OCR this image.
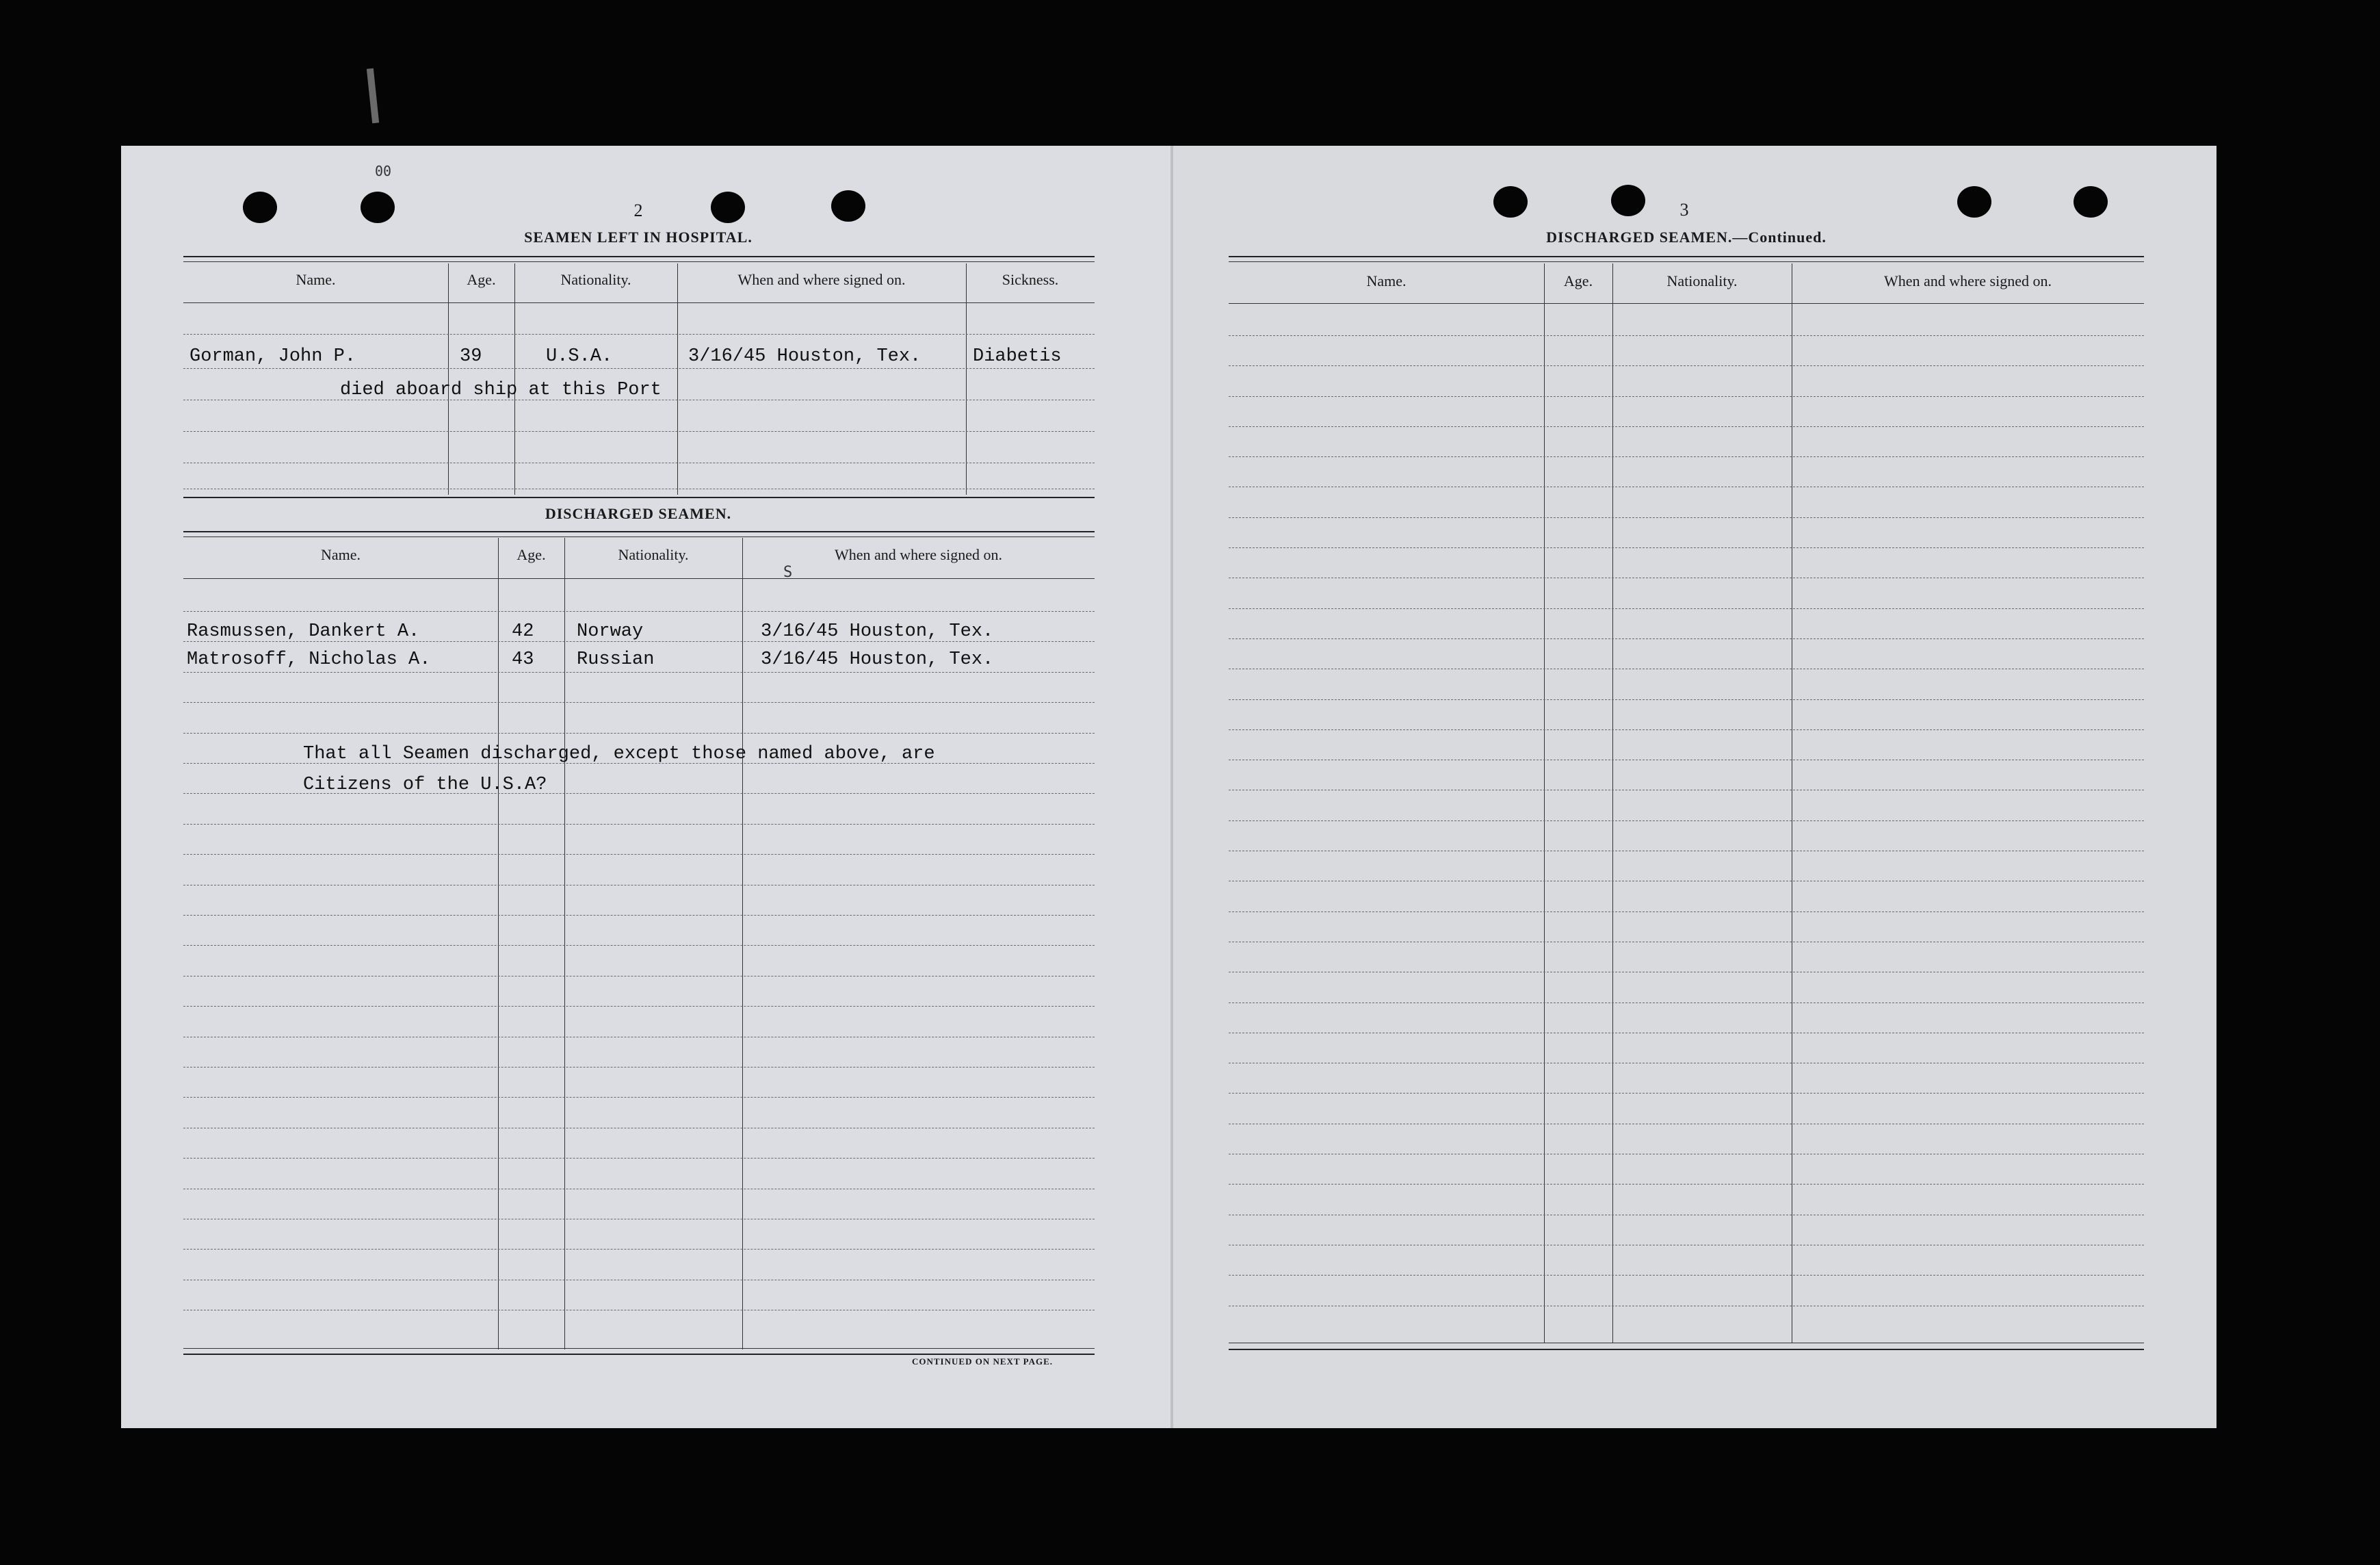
00
2
SEAMEN LEFT IN HOSPITAL.
Name.	Age.	Nationality.	When and where signed on.	Sickness.
Gorman, John P.	39	U.S.A.	3/16/45 Houston, Tex.	Diabetis
died aboard ship at this Port
DISCHARGED SEAMEN.
Name.	Age.	Nationality.	When and where signed on.
S
Rasmussen, Dankert A.	42 Norway	3/16/45 Houston, Tex.
Matrosoff, Nicholas A.	43 Russian	3/16/45 Houston, Tex.
That all Seamen discharged, except those named above, are
Citizens of the U.S.A?
CONTINUED ON NEXT PAGE.
3
DISCHARGED SEAMEN.—Continued.
Name.	Age.	Nationality.	When and where signed on.
